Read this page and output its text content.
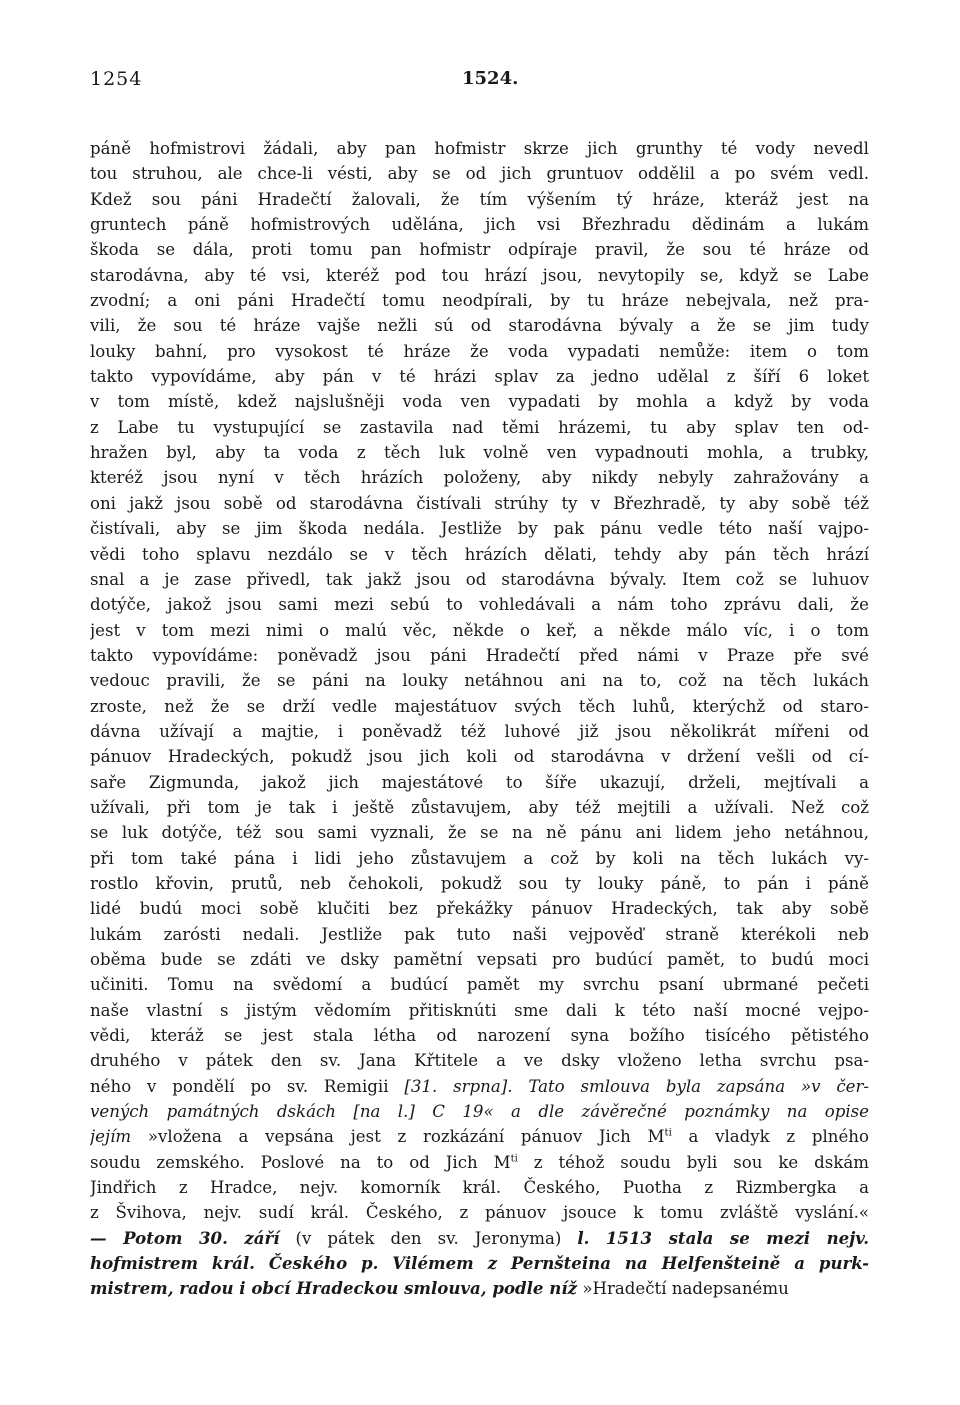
1254	1524.
páně hofmistrovi žádali, aby pan hofmistr skrze jich grunthy té vody nevedl
tou struhou, ale chce-li vésti, aby se od jich gruntuov oddělil a po svém vedl.
Kdež sou páni Hradečtí žalovali, že tím výšením tý hráze, kteráž jest na
gruntech páně hofmistrových udělána, jich vsi Březhradu dědinám a lukám
škoda se dála, proti tomu pan hofmistr odpíraje pravil, že sou té hráze od
starodávna, aby té vsi, kteréž pod tou hrází jsou, nevytopily se, když se Labe
zvodní; a oni páni Hradečtí tomu neodpírali, by tu hráze nebejvala, než pra-
vili, že sou té hráze vajše nežli sú od starodávna bývaly a že se jim tudy
louky bahní, pro vysokost té hráze že voda vypadati nemůže: item o tom
takto vypovídáme, aby pán v té hrázi splav za jedno udělal z šíří 6 loket
v tom místě, kdež najslušněji voda ven vypadati by mohla a když by voda
z Labe tu vystupující se zastavila nad těmi hrázemi, tu aby splav ten od-
hražen byl, aby ta voda z těch luk volně ven vypadnouti mohla, a trubky,
kteréž jsou nyní v těch hrázích položeny, aby nikdy nebyly zahražovány a
oni jakž jsou sobě od starodávna čistívali strúhy ty v Březhradě, ty aby sobě též
čistívali, aby se jim škoda nedála. Jestliže by pak pánu vedle této naší vajpo-
vědi toho splavu nezdálo se v těch hrázích dělati, tehdy aby pán těch hrází
snal a je zase přivedl, tak jakž jsou od starodávna bývaly. Item což se luhuov
dotýče, jakož jsou sami mezi sebú to vohledávali a nám toho zprávu dali, že
jest v tom mezi nimi o malú věc, někde o keř, a někde málo víc, i o tom
takto vypovídáme: poněvadž jsou páni Hradečtí před námi v Praze pře své
vedouc pravili, že se páni na louky netáhnou ani na to, což na těch lukách
zroste, než že se drží vedle majestátuov svých těch luhů, kterýchž od staro-
dávna užívají a majtie, i poněvadž též luhové již jsou několikrát mířeni od
pánuov Hradeckých, pokudž jsou jich koli od starodávna v držení vešli od cí-
saře Zigmunda, jakož jich majestátové to šíře ukazují, drželi, mejtívali a
užívali, při tom je tak i ještě zůstavujem, aby též mejtili a užívali. Než což
se luk dotýče, též sou sami vyznali, že se na ně pánu ani lidem jeho netáhnou,
při tom také pána i lidi jeho zůstavujem a což by koli na těch lukách vy-
rostlo křovin, prutů, neb čehokoli, pokudž sou ty louky páně, to pán i páně
lidé budú moci sobě klučiti bez překážky pánuov Hradeckých, tak aby sobě
lukám zarósti nedali. Jestliže pak tuto naši vejpověď straně kterékoli neb
oběma bude se zdáti ve dsky pamětní vepsati pro budúcí pamět, to budú moci
učiniti. Tomu na svědomí a budúcí pamět my svrchu psaní ubrmané pečeti
naše vlastní s jistým vědomím přitisknúti sme dali k této naší mocné vejpo-
vědi, kteráž se jest stala létha od narození syna božího tisícého pětistého
druhého v pátek den sv. Jana Křtitele a ve dsky vloženo letha svrchu psa-
ného v pondělí po sv. Remigii [31. srpna]. Tato smlouva byla zapsána »v čer-
vených památných dskách [na l.] C 19« a dle závěrečné poznámky na opise
jejím »vložena a vepsána jest z rozkázání pánuov Jich $M^{ti}$ a vladyk z plného
soudu zemského. Poslové na to od Jich $M^{ti}$ z téhož soudu byli sou ke dskám
Jindřich z Hradce, nejv. komorník král. Českého, Puotha z Rizmbergka a
z Švihova, nejv. sudí král. Českého, z pánuov jsouce k tomu zvláště vyslání.«
— Potom 30. září (v pátek den sv. Jeronyma) l. 1513 stala se mezi nejv.
hofmistrem král. Českého p. Vilémem z Pernšteina na Helfenšteině a purk-
mistrem, radou i obcí Hradeckou smlouva, podle níž »Hradečtí nadepsanému
